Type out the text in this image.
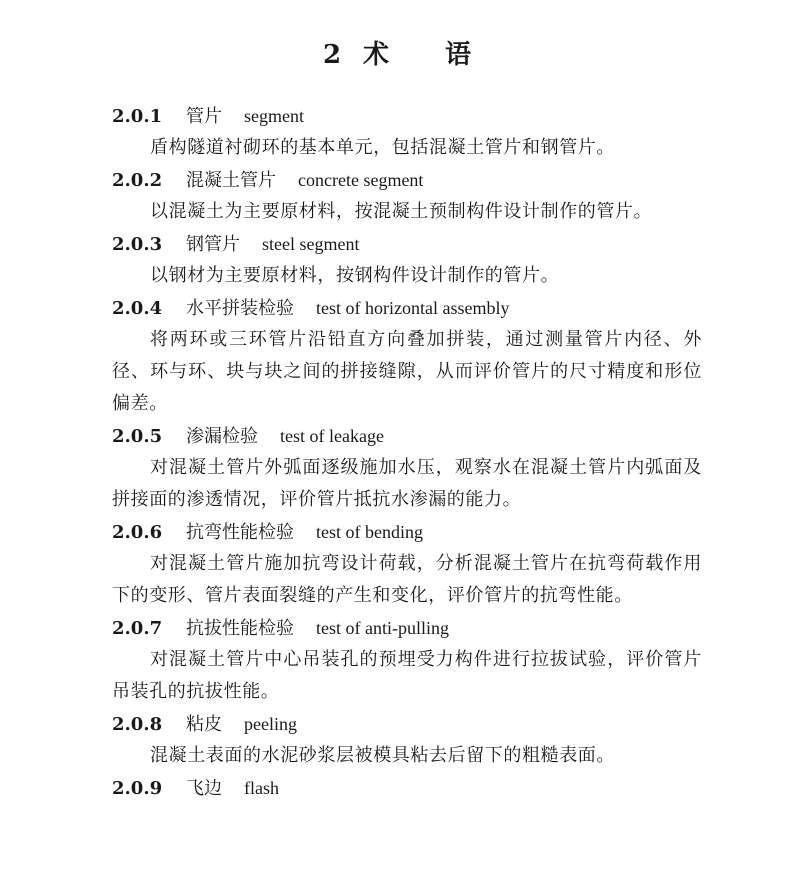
2 术 语
2.0.1 管片 segment

盾构隧道衬砌环的基本单元，包括混凝土管片和钢管片。

2.0.2 混凝土管片 concrete segment

以混凝土为主要原材料，按混凝土预制构件设计制作的管片。

2.0.3 钢管片 steel segment

以钢材为主要原材料，按钢构件设计制作的管片。

2.0.4 水平拼装检验 test of horizontal assembly

将两环或三环管片沿铅直方向叠加拼装，通过测量管片内径、外径、环与环、块与块之间的拼接缝隙，从而评价管片的尺寸精度和形位偏差。

2.0.5 渗漏检验 test of leakage

对混凝土管片外弧面逐级施加水压，观察水在混凝土管片内弧面及拼接面的渗透情况，评价管片抵抗水渗漏的能力。

2.0.6 抗弯性能检验 test of bending

对混凝土管片施加抗弯设计荷载，分析混凝土管片在抗弯荷载作用下的变形、管片表面裂缝的产生和变化，评价管片的抗弯性能。

2.0.7 抗拔性能检验 test of anti-pulling

对混凝土管片中心吊装孔的预埋受力构件进行拉拔试验，评价管片吊装孔的抗拔性能。

2.0.8 粘皮 peeling

混凝土表面的水泥砂浆层被模具粘去后留下的粗糙表面。

2.0.9 飞边 flash
